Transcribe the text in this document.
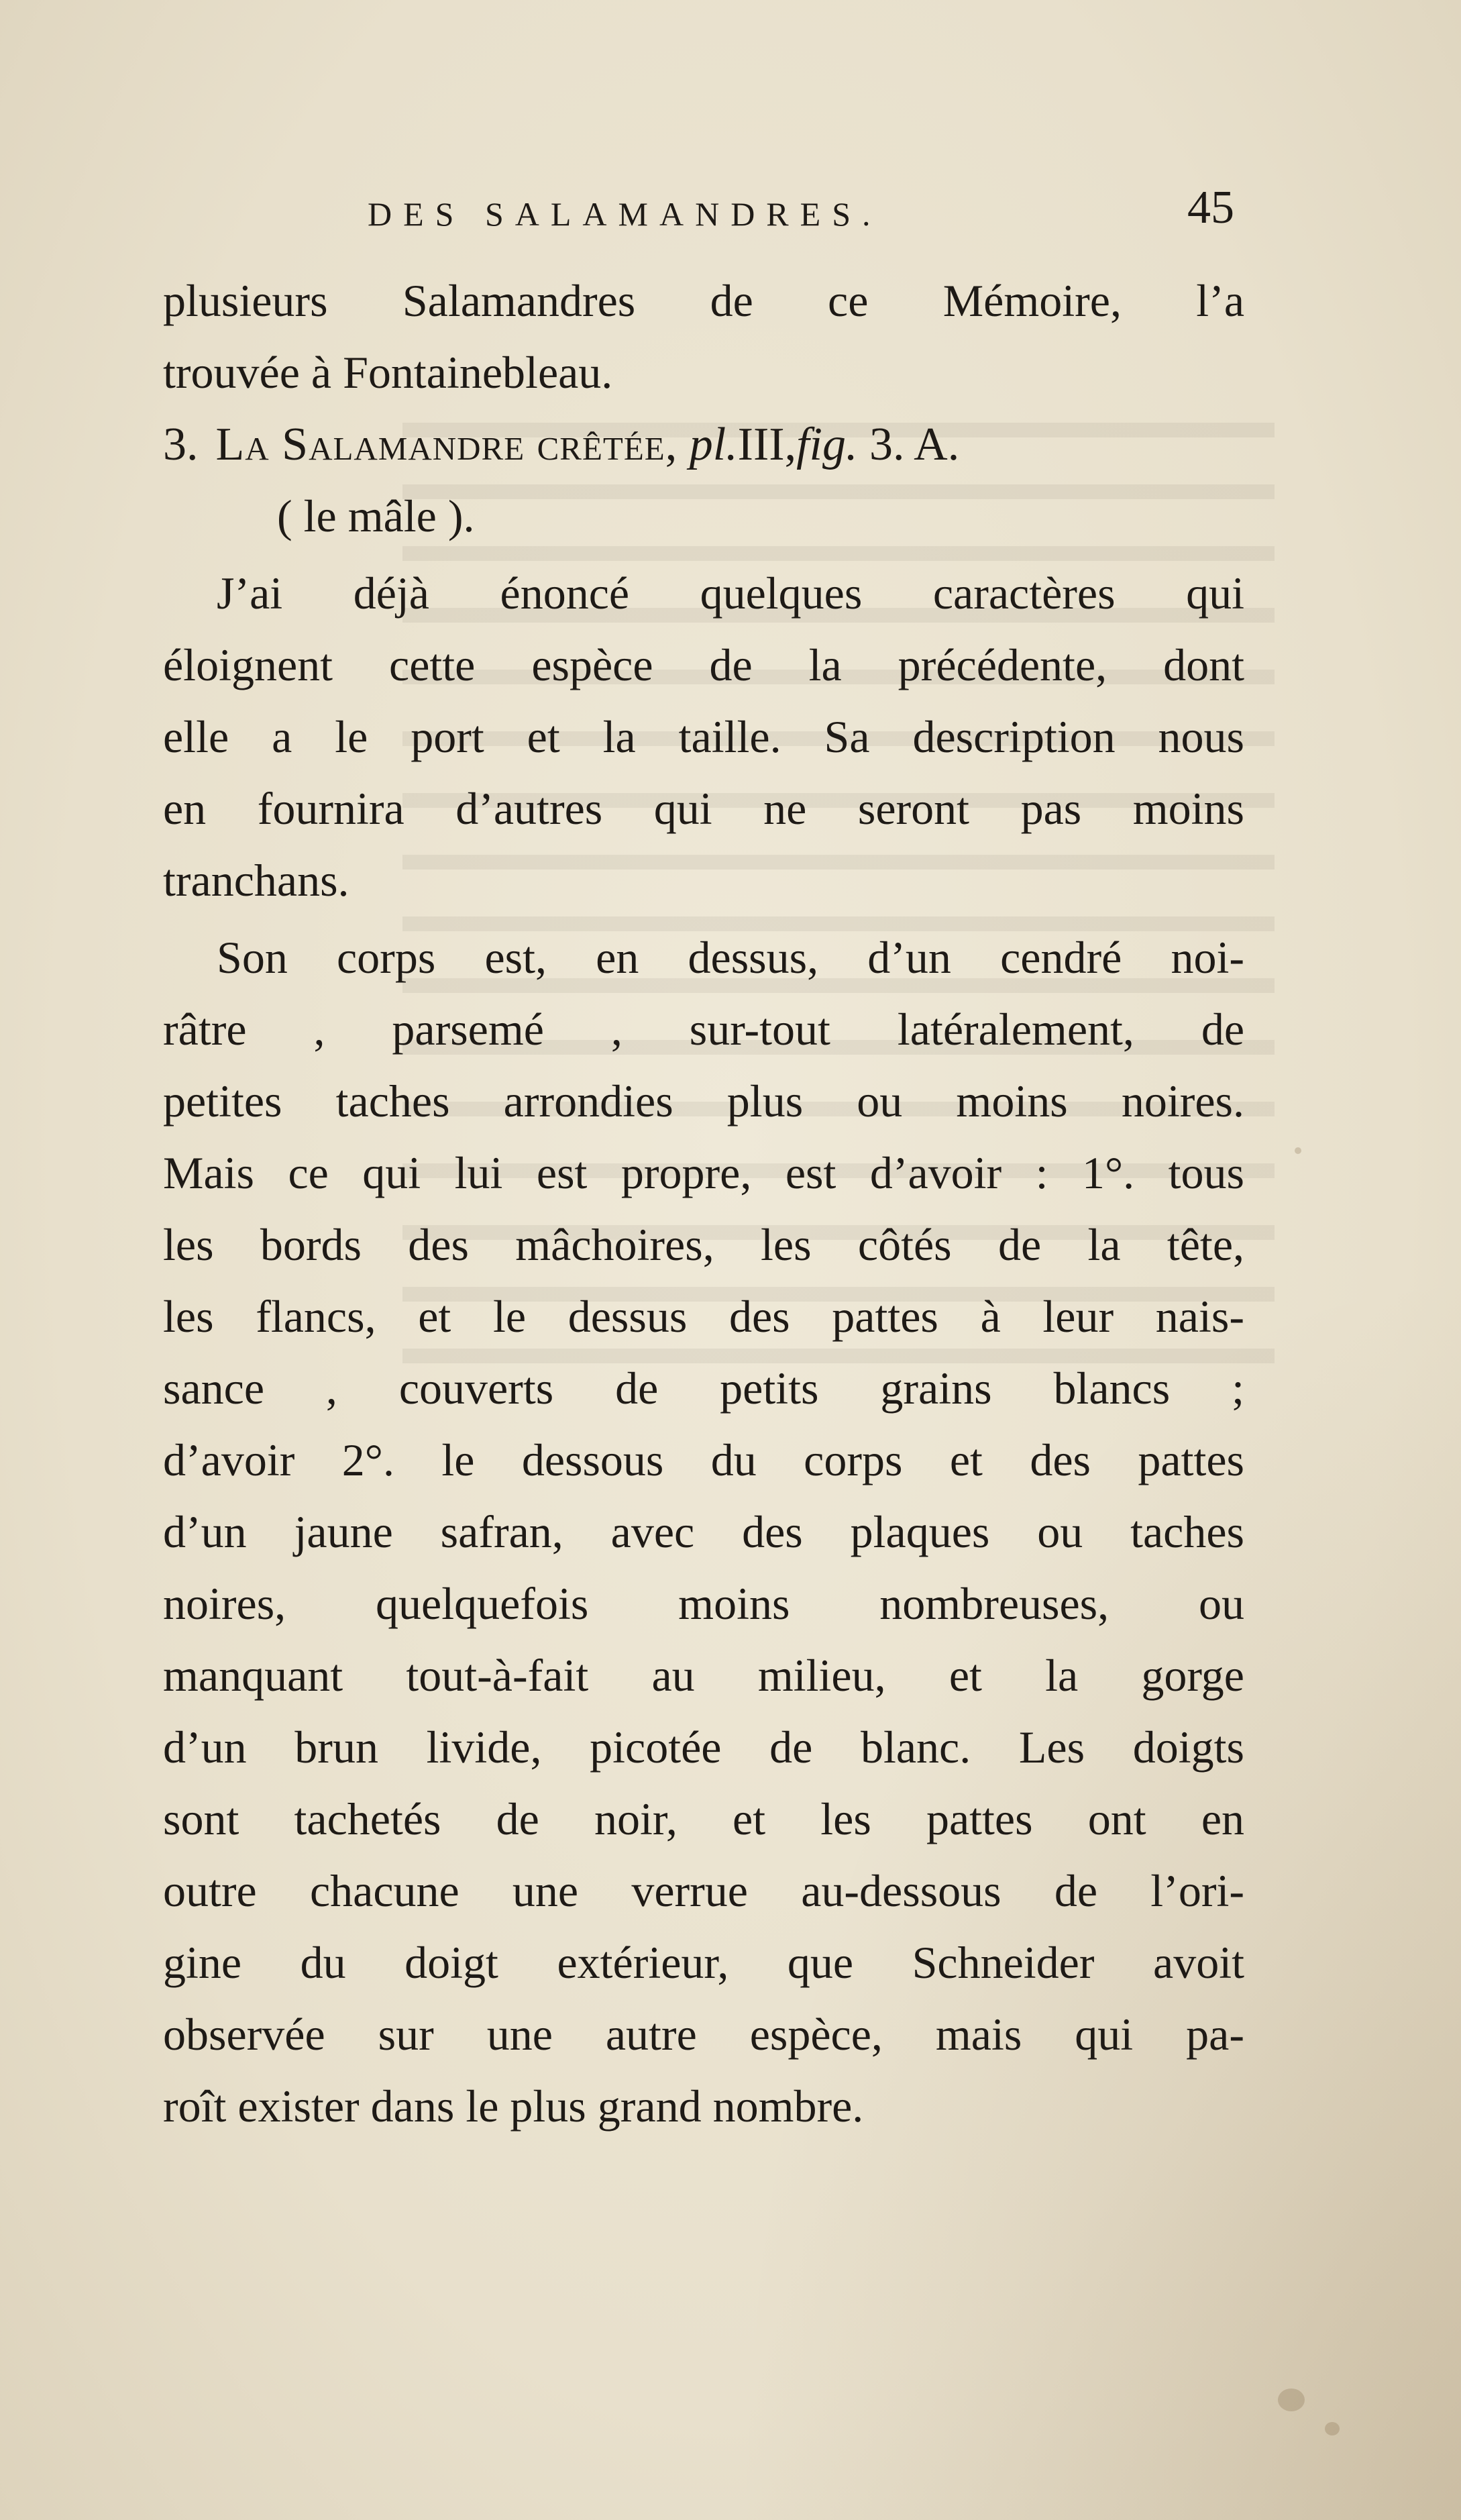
DES SALAMANDRES.	45
plusieurs Salamandres de ce Mémoire, l’a
trouvée à Fontainebleau.
3. La Salamandre crêtée, pl.III,fig. 3. A.
( le mâle ).
J’ai déjà énoncé quelques caractères qui
éloignent cette espèce de la précédente, dont
elle a le port et la taille. Sa description nous
en fournira d’autres qui ne seront pas moins
tranchans.
Son corps est, en dessus, d’un cendré noi-
râtre , parsemé , sur-tout latéralement, de
petites taches arrondies plus ou moins noires.
Mais ce qui lui est propre, est d’avoir : 1°. tous
les bords des mâchoires, les côtés de la tête,
les flancs, et le dessus des pattes à leur nais-
sance , couverts de petits grains blancs ;
d’avoir 2°. le dessous du corps et des pattes
d’un jaune safran, avec des plaques ou taches
noires, quelquefois moins nombreuses, ou
manquant tout-à-fait au milieu, et la gorge
d’un brun livide, picotée de blanc. Les doigts
sont tachetés de noir, et les pattes ont en
outre chacune une verrue au-dessous de l’ori-
gine du doigt extérieur, que Schneider avoit
observée sur une autre espèce, mais qui pa-
roît exister dans le plus grand nombre.
